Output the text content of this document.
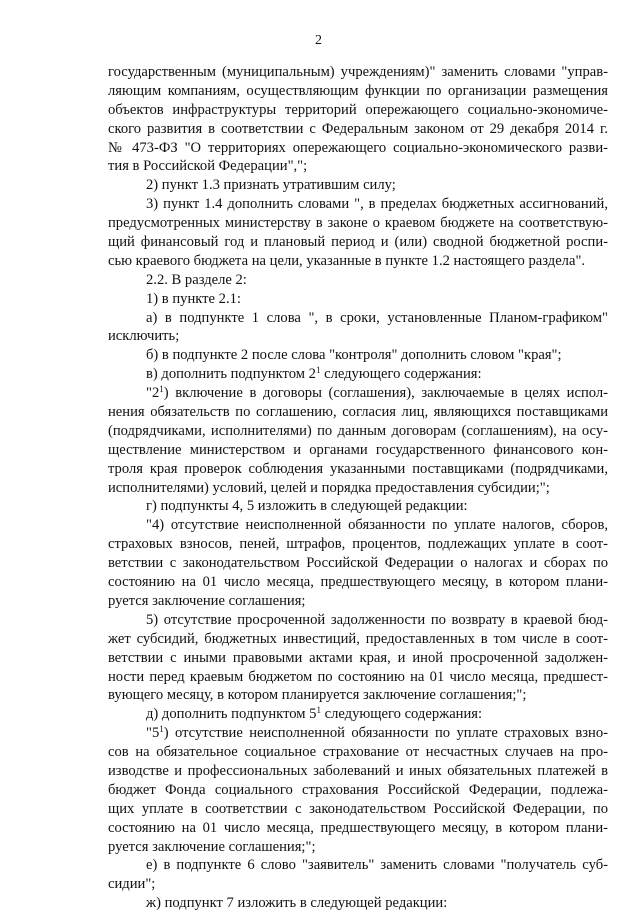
2
государственным (муниципальным) учреждениям)" заменить словами "управ-
ляющим компаниям, осуществляющим функции по организации размещения
объектов инфраструктуры территорий опережающего социально-экономиче-
ского развития в соответствии с Федеральным законом от 29 декабря 2014 г.
№ 473-ФЗ "О территориях опережающего социально-экономического разви-
тия в Российской Федерации",";
2) пункт 1.3 признать утратившим силу;
3) пункт 1.4 дополнить словами ", в пределах бюджетных ассигнований,
предусмотренных министерству в законе о краевом бюджете на соответствую-
щий финансовый год и плановый период и (или) сводной бюджетной роспи-
сью краевого бюджета на цели, указанные в пункте 1.2 настоящего раздела".
2.2. В разделе 2:
1) в пункте 2.1:
а) в подпункте 1 слова ", в сроки, установленные Планом-графиком"
исключить;
б) в подпункте 2 после слова "контроля" дополнить словом "края";
в) дополнить подпунктом $2^1$ следующего содержания:
"$2^1$) включение в договоры (соглашения), заключаемые в целях испол-
нения обязательств по соглашению, согласия лиц, являющихся поставщиками
(подрядчиками, исполнителями) по данным договорам (соглашениям), на осу-
ществление министерством и органами государственного финансового кон-
троля края проверок соблюдения указанными поставщиками (подрядчиками,
исполнителями) условий, целей и порядка предоставления субсидии;";
г) подпункты 4, 5 изложить в следующей редакции:
"4) отсутствие неисполненной обязанности по уплате налогов, сборов,
страховых взносов, пеней, штрафов, процентов, подлежащих уплате в соот-
ветствии с законодательством Российской Федерации о налогах и сборах по
состоянию на 01 число месяца, предшествующего месяцу, в котором плани-
руется заключение соглашения;
5) отсутствие просроченной задолженности по возврату в краевой бюд-
жет субсидий, бюджетных инвестиций, предоставленных в том числе в соот-
ветствии с иными правовыми актами края, и иной просроченной задолжен-
ности перед краевым бюджетом по состоянию на 01 число месяца, предшест-
вующего месяцу, в котором планируется заключение соглашения;";
д) дополнить подпунктом $5^1$ следующего содержания:
"$5^1$) отсутствие неисполненной обязанности по уплате страховых взно-
сов на обязательное социальное страхование от несчастных случаев на про-
изводстве и профессиональных заболеваний и иных обязательных платежей в
бюджет Фонда социального страхования Российской Федерации, подлежа-
щих уплате в соответствии с законодательством Российской Федерации, по
состоянию на 01 число месяца, предшествующего месяцу, в котором плани-
руется заключение соглашения;";
е) в подпункте 6 слово "заявитель" заменить словами "получатель суб-
сидии";
ж) подпункт 7 изложить в следующей редакции:
